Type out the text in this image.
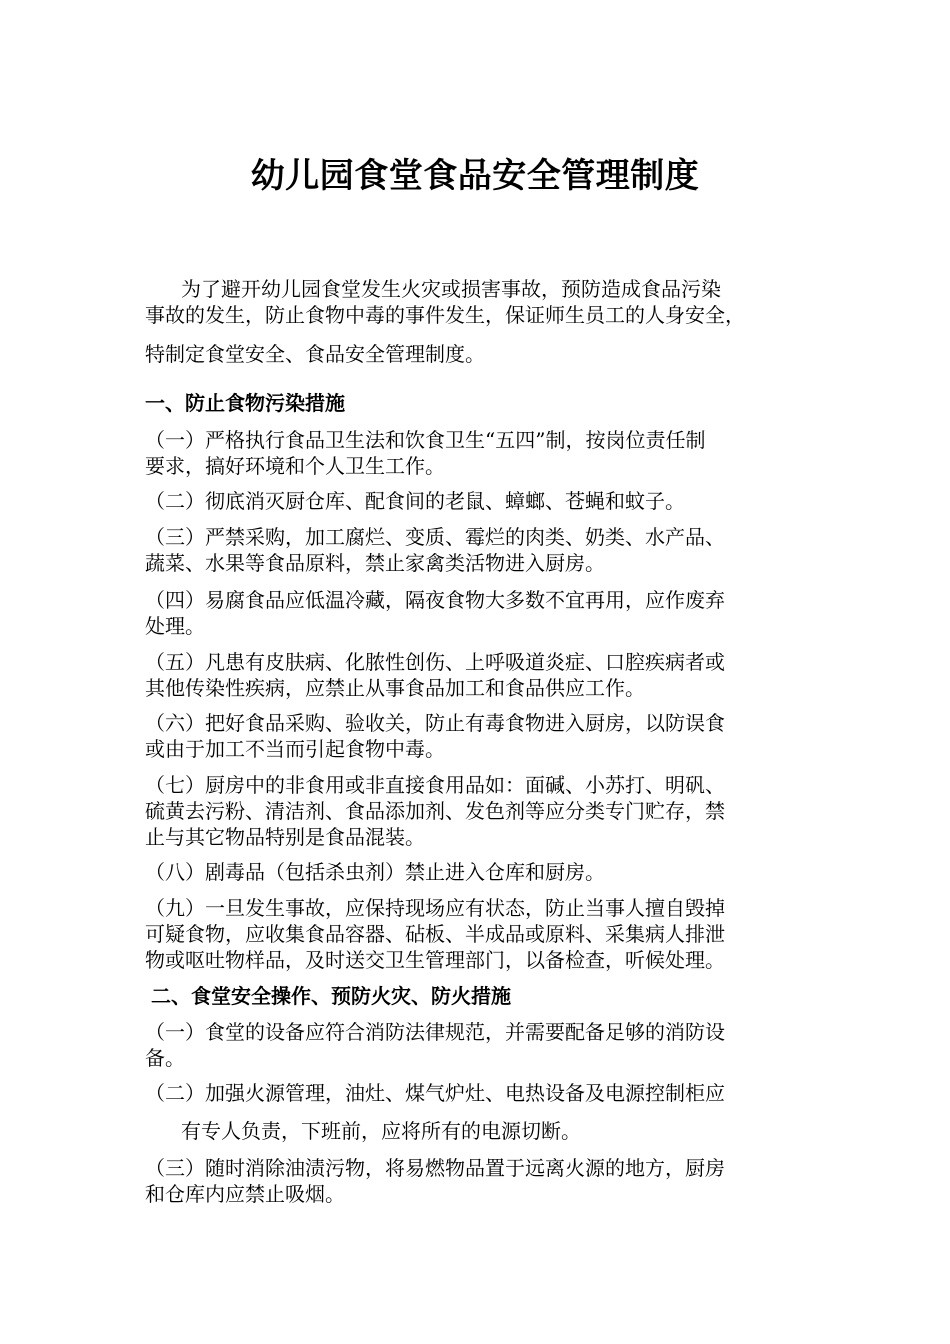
幼儿园食堂食品安全管理制度
为了避开幼儿园食堂发生火灾或损害事故，预防造成食品污染
事故的发生，防止食物中毒的事件发生，保证师生员工的人身安全，
特制定食堂安全、食品安全管理制度。
一、防止食物污染措施
（一）严格执行食品卫生法和饮食卫生“五四”制，按岗位责任制
要求，搞好环境和个人卫生工作。
（二）彻底消灭厨仓库、配食间的老鼠、蟑螂、苍蝇和蚊子。
（三）严禁采购，加工腐烂、变质、霉烂的肉类、奶类、水产品、
蔬菜、水果等食品原料，禁止家禽类活物进入厨房。
（四）易腐食品应低温冷藏，隔夜食物大多数不宜再用，应作废弃
处理。
（五）凡患有皮肤病、化脓性创伤、上呼吸道炎症、口腔疾病者或
其他传染性疾病，应禁止从事食品加工和食品供应工作。
（六）把好食品采购、验收关，防止有毒食物进入厨房，以防误食
或由于加工不当而引起食物中毒。
（七）厨房中的非食用或非直接食用品如：面碱、小苏打、明矾、
硫黄去污粉、清洁剂、食品添加剂、发色剂等应分类专门贮存，禁
止与其它物品特别是食品混装。
（八）剧毒品（包括杀虫剂）禁止进入仓库和厨房。
（九）一旦发生事故，应保持现场应有状态，防止当事人擅自毁掉
可疑食物，应收集食品容器、砧板、半成品或原料、采集病人排泄
物或呕吐物样品，及时送交卫生管理部门，以备检查，听候处理。
二、食堂安全操作、预防火灾、防火措施
（一）食堂的设备应符合消防法律规范，并需要配备足够的消防设
备。
（二）加强火源管理，油灶、煤气炉灶、电热设备及电源控制柜应
有专人负责，下班前，应将所有的电源切断。
（三）随时消除油渍污物，将易燃物品置于远离火源的地方，厨房
和仓库内应禁止吸烟。
